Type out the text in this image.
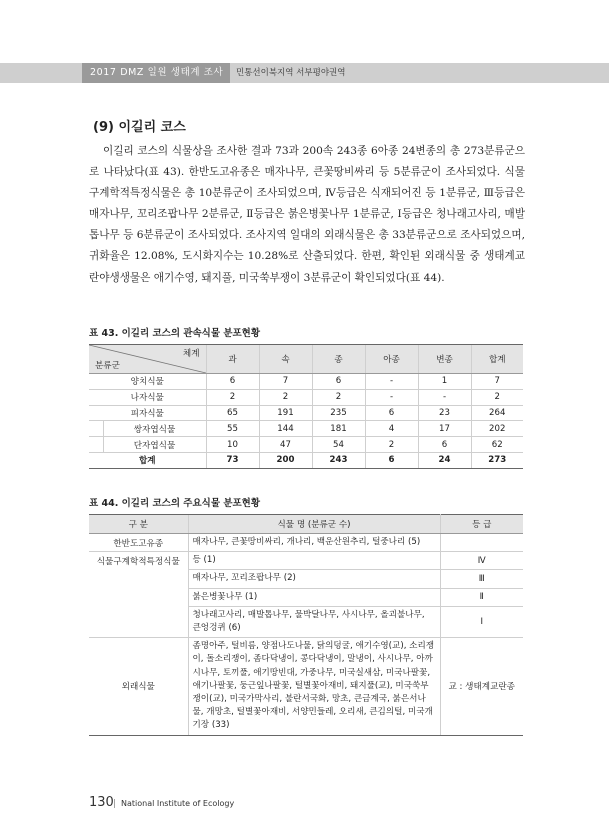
2017 DMZ 일원 생태계 조사	민통선이북지역 서부평야권역
(9) 이길리 코스

이길리 코스의 식물상을 조사한 결과 73과 200속 243종 6아종 24변종의 총 273분류군으로 나타났다(표 43). 한반도고유종은 매자나무, 큰꽃땅비싸리 등 5분류군이 조사되었다. 식물구계학적특정식물은 총 10분류군이 조사되었으며, Ⅳ등급은 식재되어진 등 1분류군, Ⅲ등급은 매자나무, 꼬리조팝나무 2분류군, Ⅱ등급은 붉은병꽃나무 1분류군, Ⅰ등급은 청나래고사리, 매발톱나무 등 6분류군이 조사되었다. 조사지역 일대의 외래식물은 총 33분류군으로 조사되었으며, 귀화율은 12.08%, 도시화지수는 10.28%로 산출되었다. 한편, 확인된 외래식물 중 생태계교란야생생물은 애기수영, 돼지풀, 미국쑥부쟁이 3분류군이 확인되었다(표 44).

표 43. 이길리 코스의 관속식물 분포현황
체계
분류군		과	속	종	아종	변종	합계
양치식물		6	7	6	-	1	7
나자식물		2	2	2	-	-	2
피자식물		65	191	235	6	23	264
	쌍자엽식물	55	144	181	4	17	202
	단자엽식물	10	47	54	2	6	62
합계		73	200	243	6	24	273
표 44. 이길리 코스의 주요식물 분포현황
구 분	식물 명 (분류군 수)	등 급
한반도고유종	매자나무, 큰꽃땅비싸리, 개나리, 백운산원추리, 털중나리 (5)	
식물구계학적특정식물	등 (1)	Ⅳ
	매자나무, 꼬리조팝나무 (2)	Ⅲ
	붉은병꽃나무 (1)	Ⅱ
	청나래고사리, 매발톱나무, 물박달나무, 사시나무, 올괴불나무, 큰엉겅퀴 (6)	Ⅰ
외래식물	좀명아주, 털비름, 양점나도나물, 닭의덩굴, 애기수영(교), 소리쟁이, 돌소리쟁이, 좀다닥냉이, 콩다닥냉이, 말냉이, 사시나무, 아까시나무, 토끼풀, 애기땅빈대, 가중나무, 미국실새삼, 미국나팔꽃, 애기나팔꽃, 둥근잎나팔꽃, 털별꽃아재비, 돼지풀(교), 미국쑥부쟁이(교), 미국가막사리, 불란서국화, 망초, 큰금계국, 붉은서나물, 개망초, 털별꽃아재비, 서양민들레, 오리새, 큰김의털, 미국개기장 (33)	교 : 생태계교란종
130 | National Institute of Ecology
